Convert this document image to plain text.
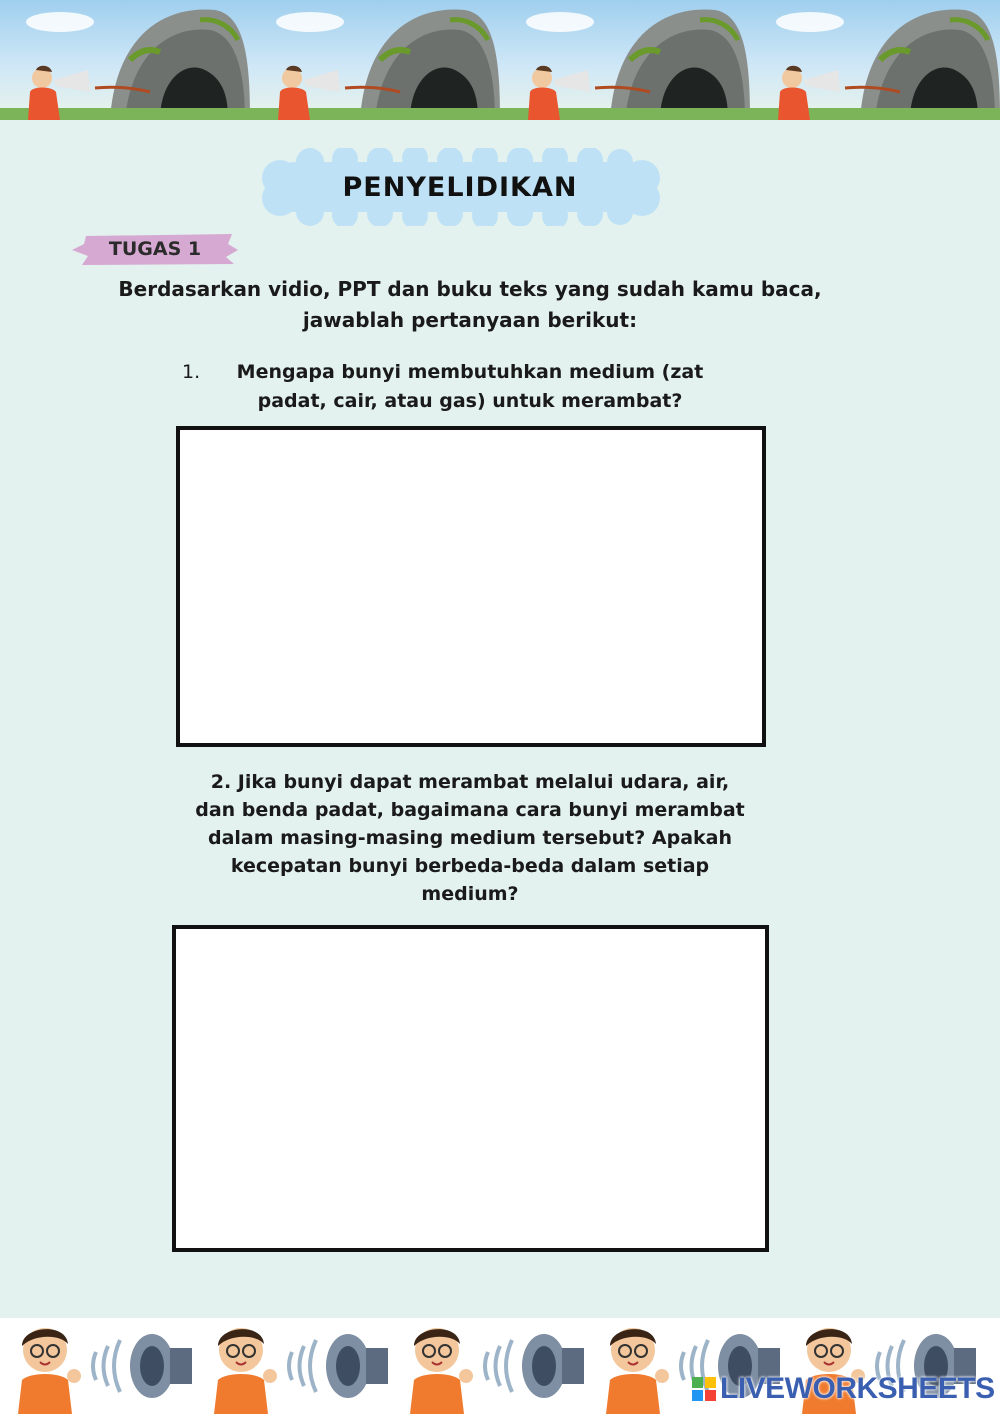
PENYELIDIKAN
TUGAS 1
Berdasarkan vidio, PPT dan buku teks yang sudah kamu baca, jawablah pertanyaan berikut:
1.	Mengapa bunyi membutuhkan medium (zat padat, cair, atau gas) untuk merambat?
2. Jika bunyi dapat merambat melalui udara, air, dan benda padat, bagaimana cara bunyi merambat dalam masing-masing medium tersebut? Apakah kecepatan bunyi berbeda-beda dalam setiap medium?
LIVEWORKSHEETS
